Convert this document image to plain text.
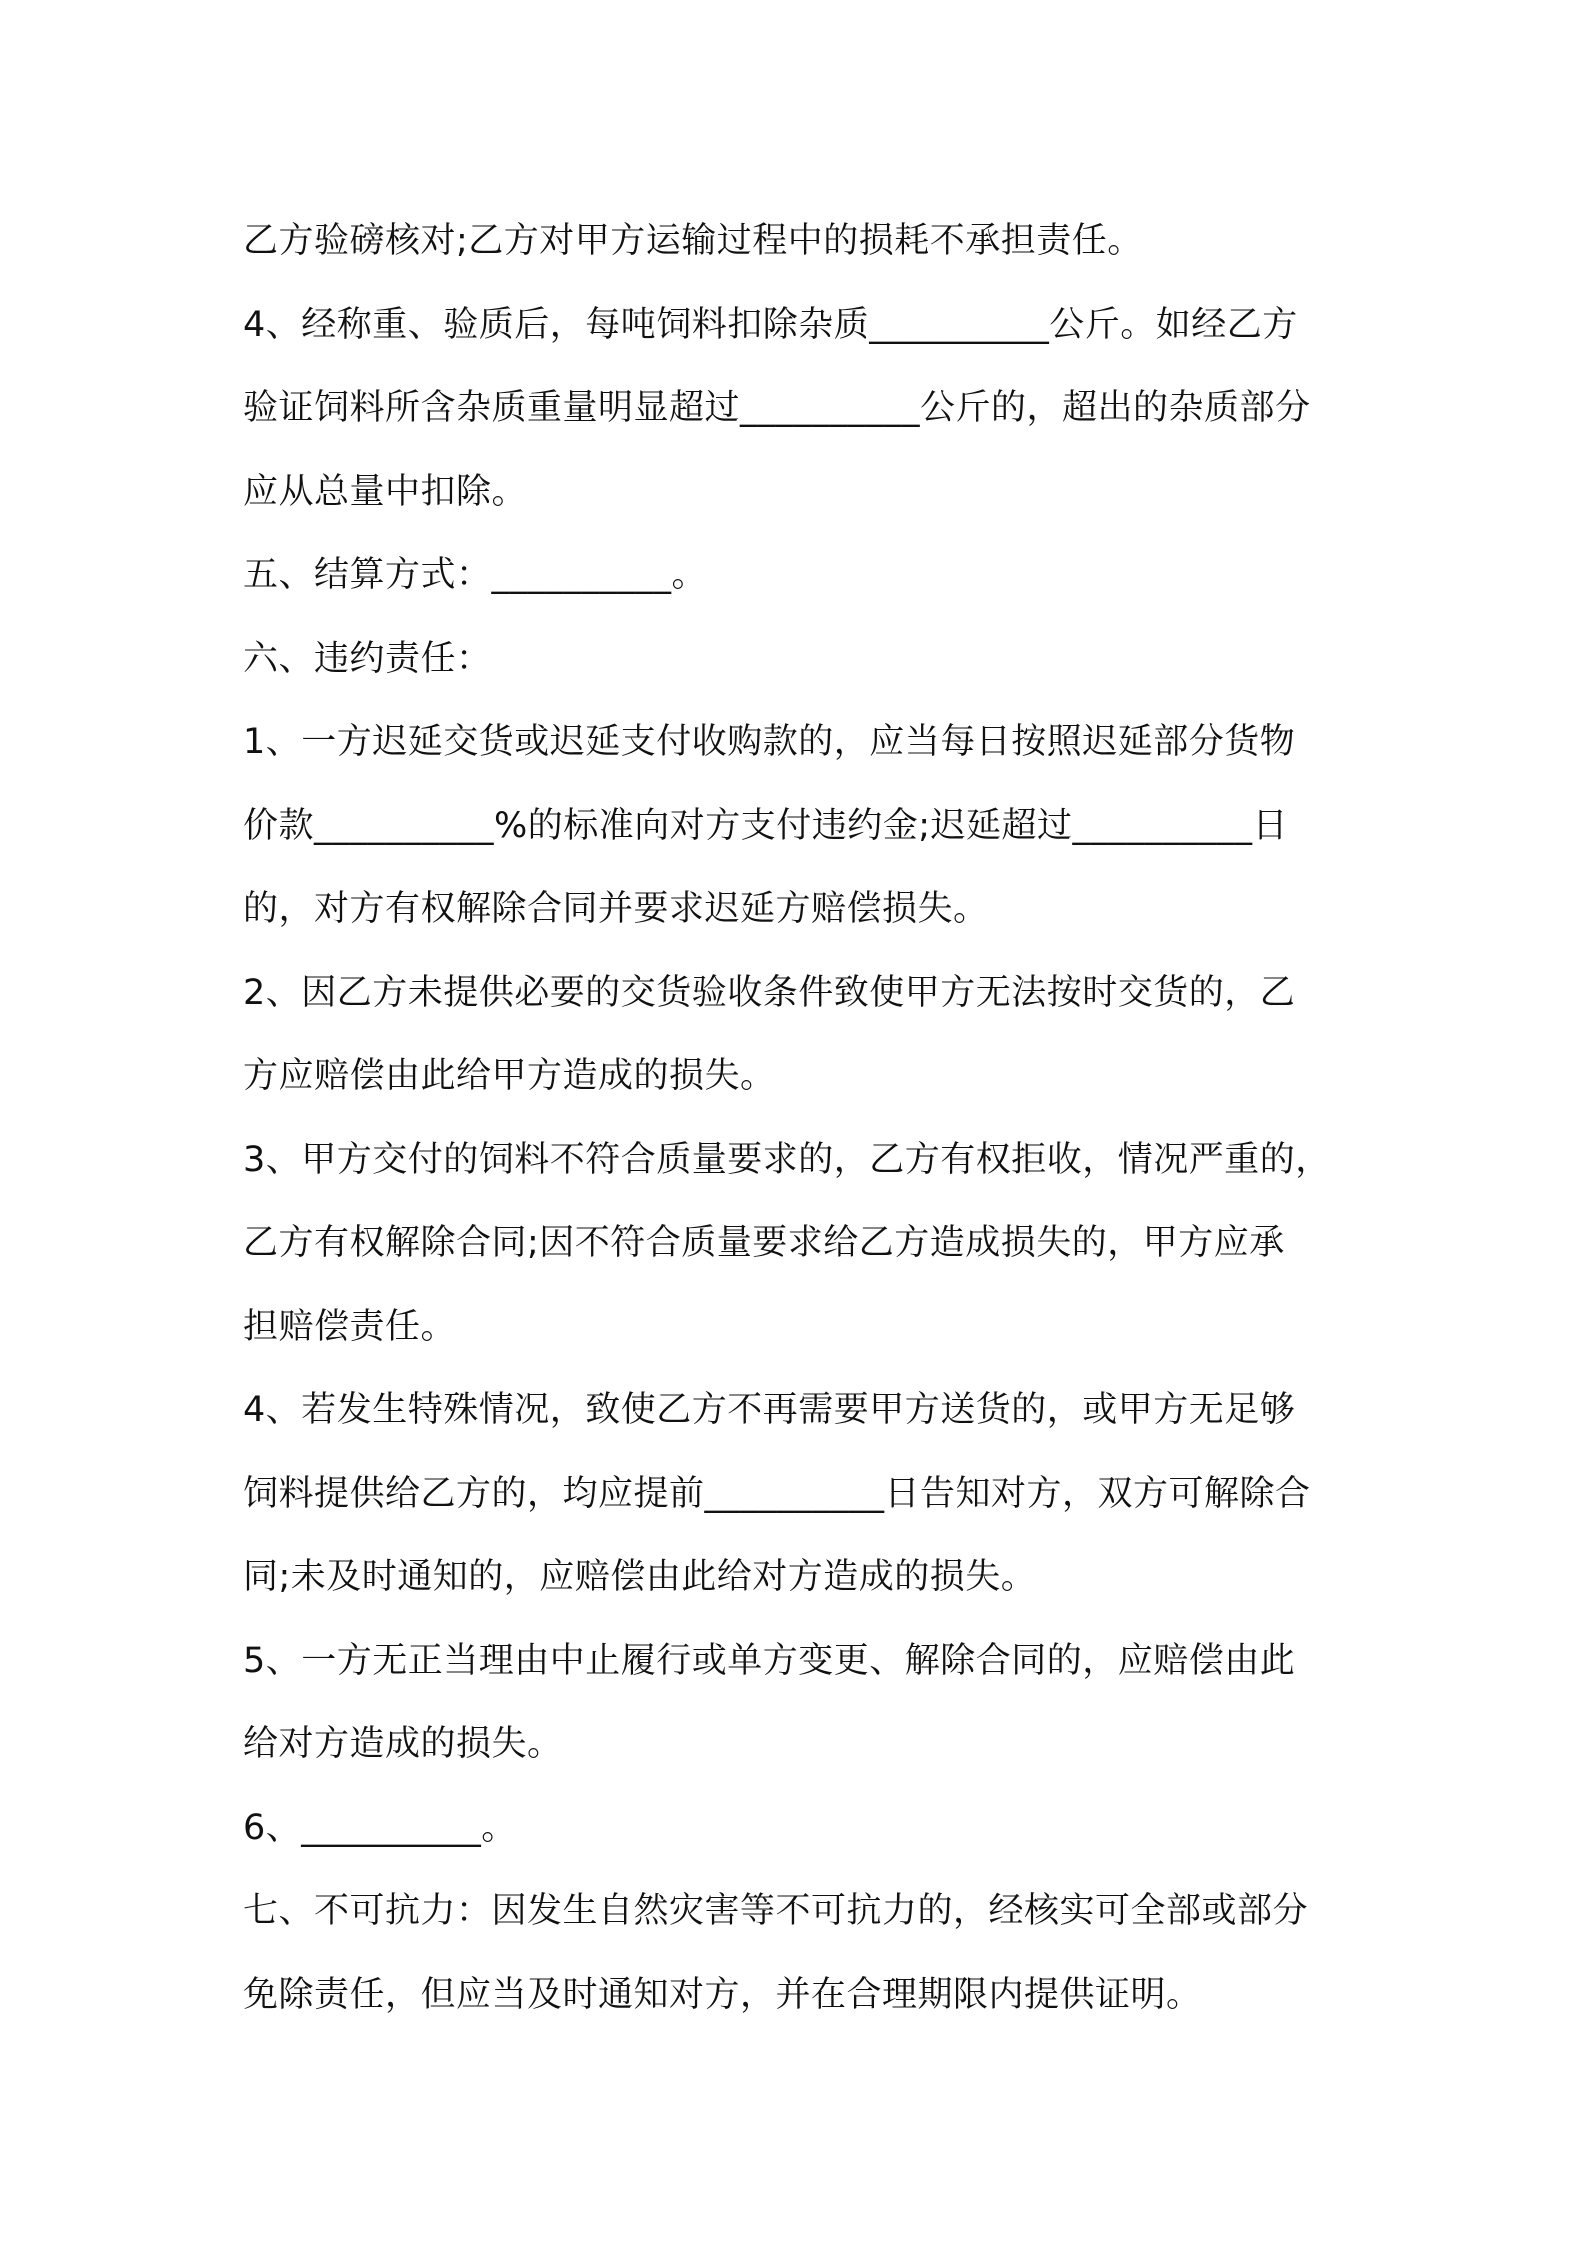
乙方验磅核对;乙方对甲方运输过程中的损耗不承担责任。
4、经称重、验质后，每吨饲料扣除杂质__________公斤。如经乙方
验证饲料所含杂质重量明显超过__________公斤的，超出的杂质部分
应从总量中扣除。
五、结算方式：__________。
六、违约责任：
1、一方迟延交货或迟延支付收购款的，应当每日按照迟延部分货物
价款__________%的标准向对方支付违约金;迟延超过__________日
的，对方有权解除合同并要求迟延方赔偿损失。
2、因乙方未提供必要的交货验收条件致使甲方无法按时交货的，乙
方应赔偿由此给甲方造成的损失。
3、甲方交付的饲料不符合质量要求的，乙方有权拒收，情况严重的，
乙方有权解除合同;因不符合质量要求给乙方造成损失的，甲方应承
担赔偿责任。
4、若发生特殊情况，致使乙方不再需要甲方送货的，或甲方无足够
饲料提供给乙方的，均应提前__________日告知对方，双方可解除合
同;未及时通知的，应赔偿由此给对方造成的损失。
5、一方无正当理由中止履行或单方变更、解除合同的，应赔偿由此
给对方造成的损失。
6、__________。
七、不可抗力：因发生自然灾害等不可抗力的，经核实可全部或部分
免除责任，但应当及时通知对方，并在合理期限内提供证明。
